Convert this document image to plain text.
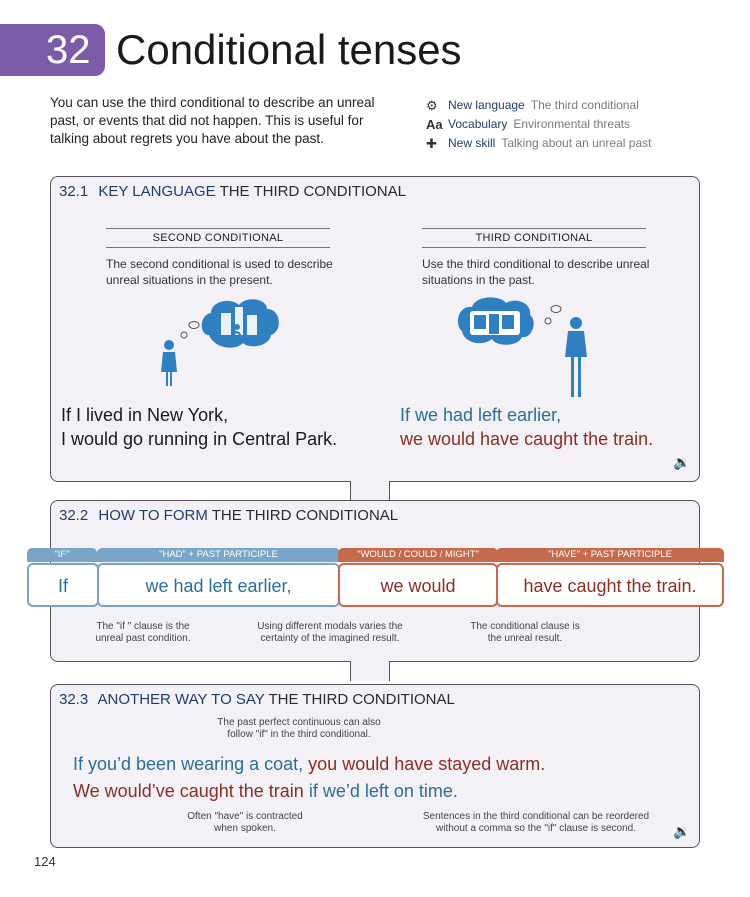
32 Conditional tenses
You can use the third conditional to describe an unreal past, or events that did not happen. This is useful for talking about regrets you have about the past.
⚙ New language The third conditional
Aa Vocabulary Environmental threats
✚ New skill Talking about an unreal past
32.1 KEY LANGUAGE THE THIRD CONDITIONAL
SECOND CONDITIONAL
The second conditional is used to describe unreal situations in the present.
THIRD CONDITIONAL
Use the third conditional to describe unreal situations in the past.
If I lived in New York,
I would go running in Central Park.
If we had left earlier,
we would have caught the train.
🔉
32.2 HOW TO FORM THE THIRD CONDITIONAL
"IF"
If
"HAD" + PAST PARTICIPLE
we had left earlier,
"WOULD / COULD / MIGHT"
we would
"HAVE" + PAST PARTICIPLE
have caught the train.
The "if " clause is the unreal past condition.
Using different modals varies the certainty of the imagined result.
The conditional clause is the unreal result.
32.3 ANOTHER WAY TO SAY THE THIRD CONDITIONAL
The past perfect continuous can also follow "if" in the third conditional.
If you’d been wearing a coat, you would have stayed warm.
We would’ve caught the train if we’d left on time.
Often "have" is contracted when spoken.
Sentences in the third conditional can be reordered without a comma so the "if" clause is second.	🔉
124
